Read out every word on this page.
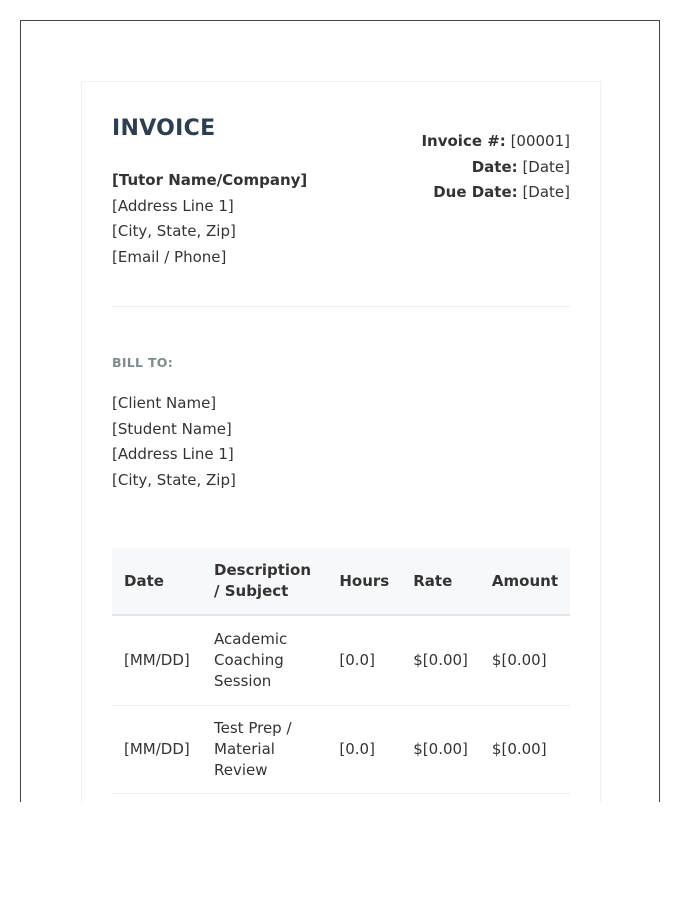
INVOICE
[Tutor Name/Company]
[Address Line 1]
[City, State, Zip]
[Email / Phone]
Invoice #: [00001]
Date: [Date]
Due Date: [Date]
BILL TO:
[Client Name]
[Student Name]
[Address Line 1]
[City, State, Zip]
Date	Description / Subject	Hours	Rate	Amount
[MM/DD]	Academic Coaching Session	[0.0]	$[0.00]	$[0.00]
[MM/DD]	Test Prep / Material Review	[0.0]	$[0.00]	$[0.00]
